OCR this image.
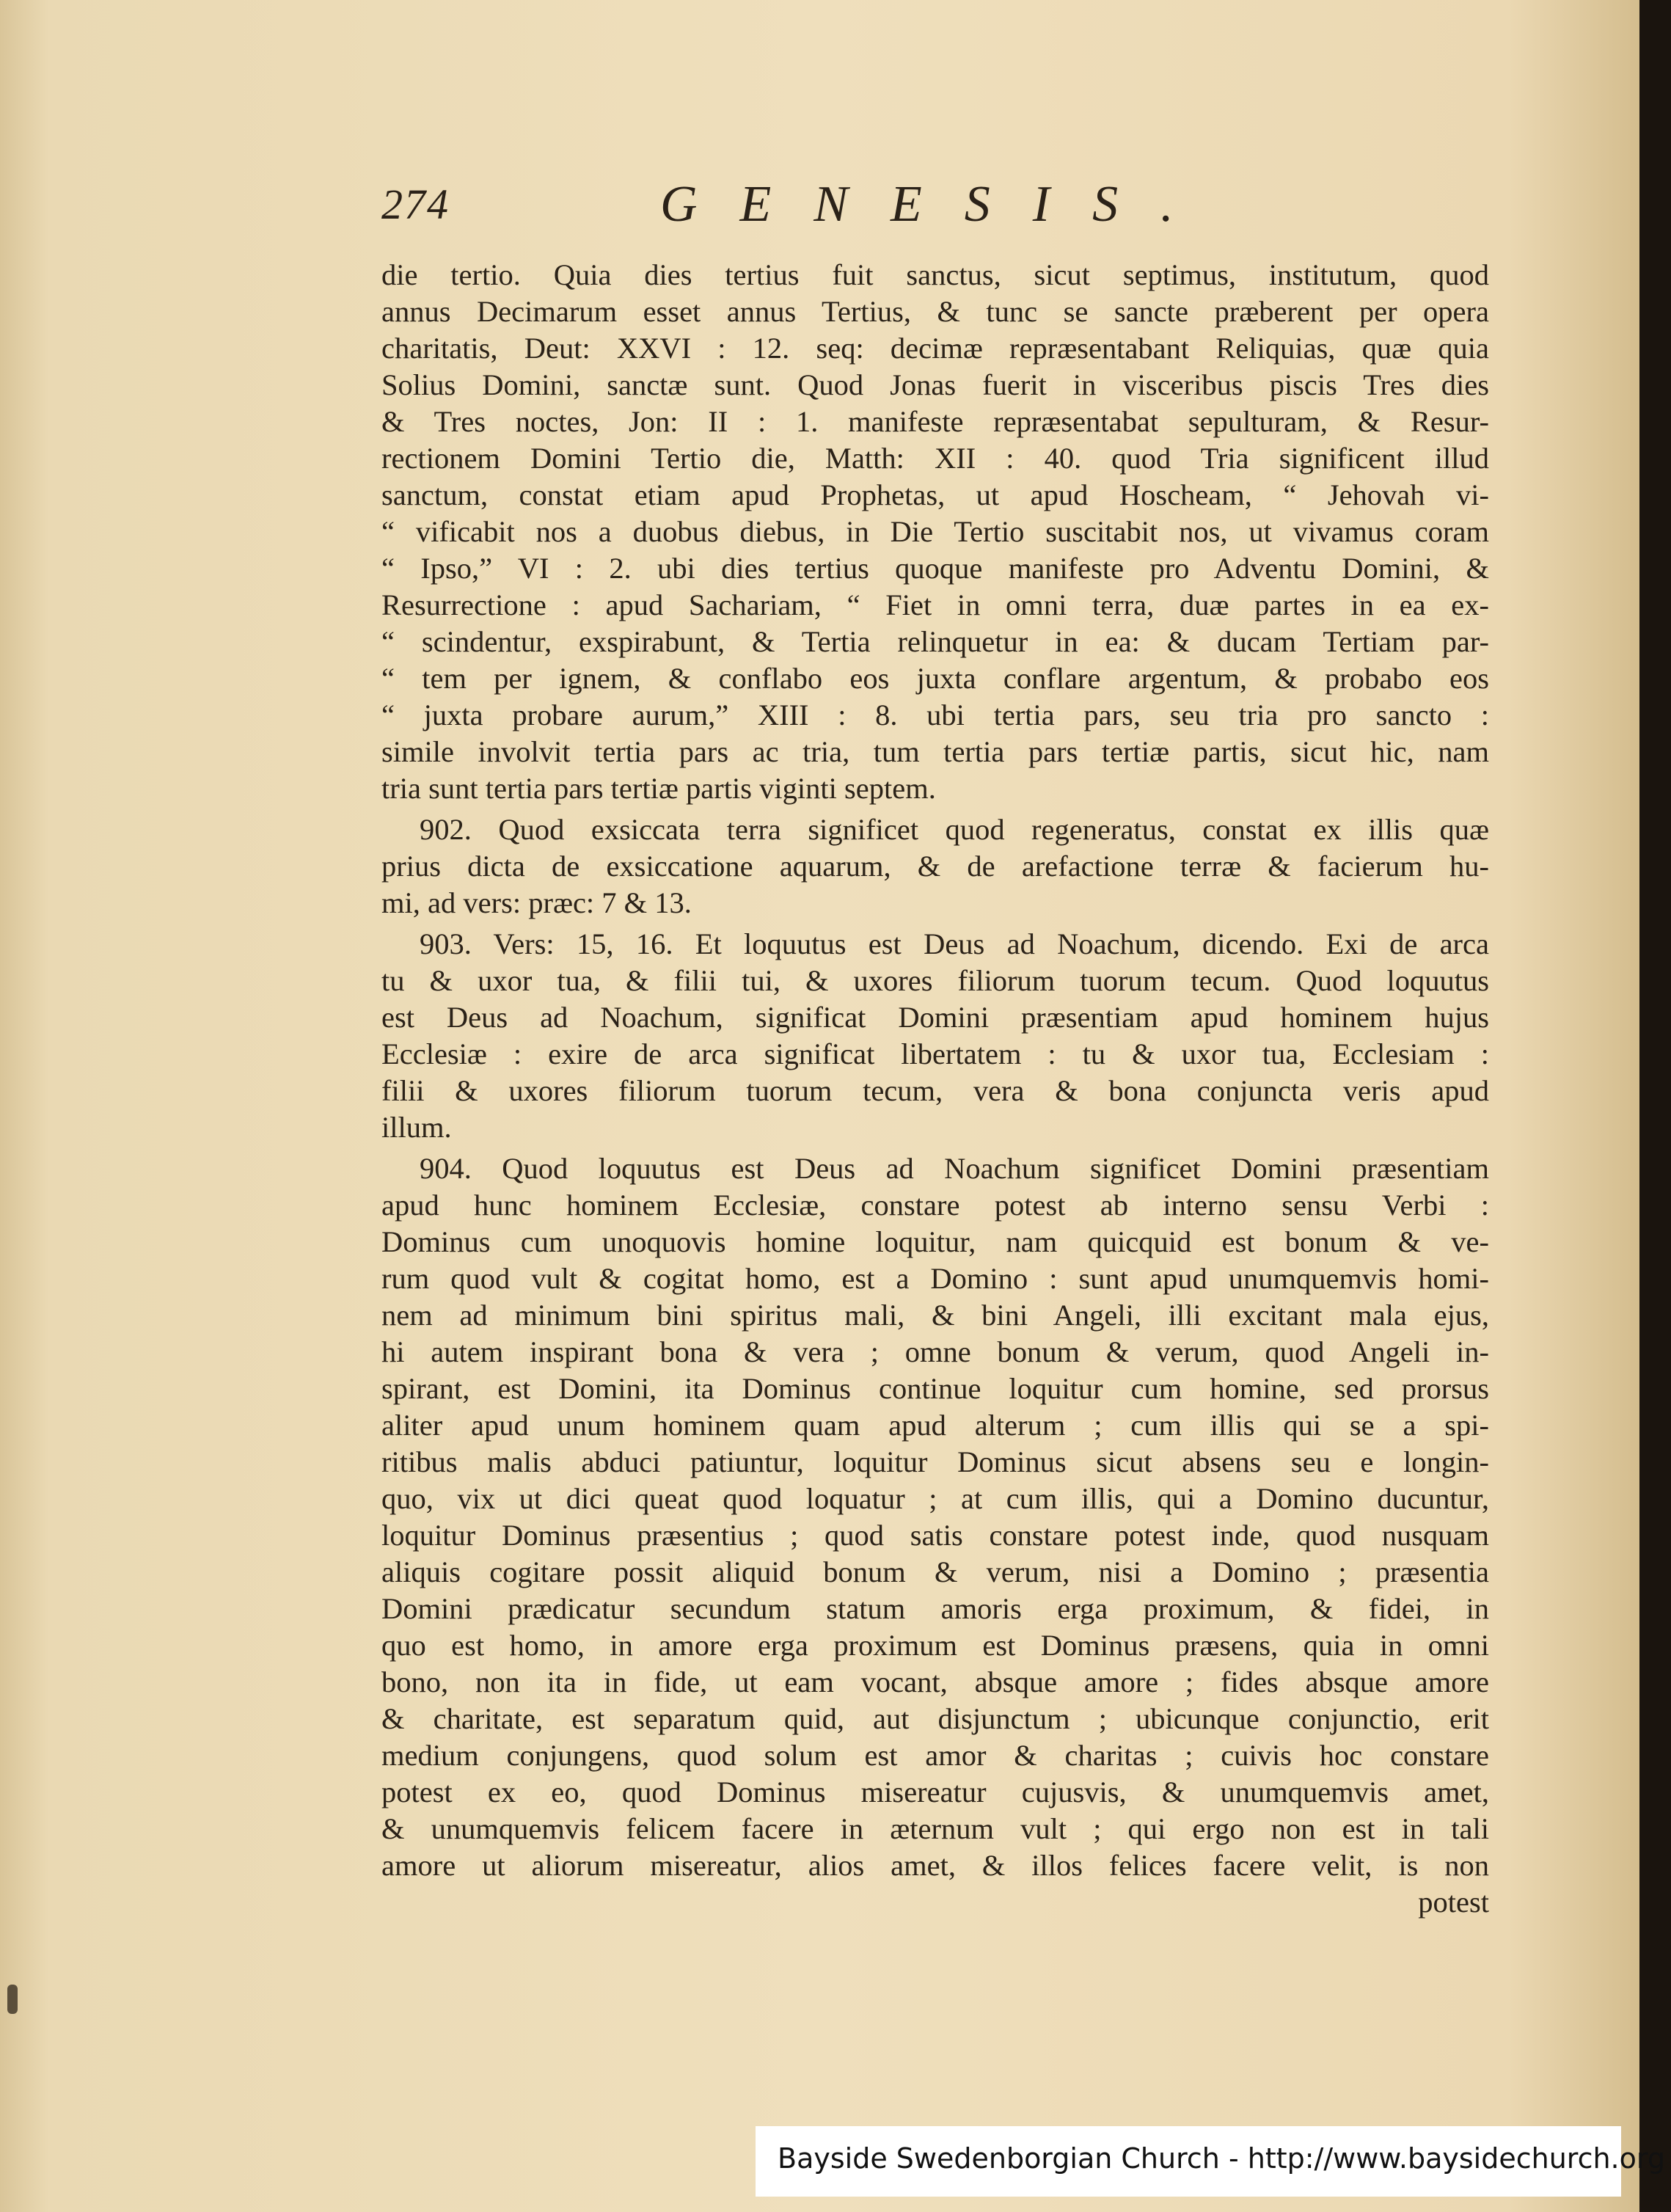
274	GENESIS.
die tertio. Quia dies tertius fuit sanctus, sicut septimus, institutum, quod
annus Decimarum esset annus Tertius, & tunc se sancte præberent per opera
charitatis, Deut: XXVI : 12. seq: decimæ repræsentabant Reliquias, quæ quia
Solius Domini, sanctæ sunt. Quod Jonas fuerit in visceribus piscis Tres dies
& Tres noctes, Jon: II : 1. manifeste repræsentabat sepulturam, & Resur-
rectionem Domini Tertio die, Matth: XII : 40. quod Tria significent illud
sanctum, constat etiam apud Prophetas, ut apud Hoscheam, “ Jehovah vi-
“ vificabit nos a duobus diebus, in Die Tertio suscitabit nos, ut vivamus coram
“ Ipso,” VI : 2. ubi dies tertius quoque manifeste pro Adventu Domini, &
Resurrectione : apud Sachariam, “ Fiet in omni terra, duæ partes in ea ex-
“ scindentur, exspirabunt, & Tertia relinquetur in ea: & ducam Tertiam par-
“ tem per ignem, & conflabo eos juxta conflare argentum, & probabo eos
“ juxta probare aurum,” XIII : 8. ubi tertia pars, seu tria pro sancto :
simile involvit tertia pars ac tria, tum tertia pars tertiæ partis, sicut hic, nam
tria sunt tertia pars tertiæ partis viginti septem.
902. Quod exsiccata terra significet quod regeneratus, constat ex illis quæ
prius dicta de exsiccatione aquarum, & de arefactione terræ & facierum hu-
mi, ad vers: præc: 7 & 13.
903. Vers: 15, 16. Et loquutus est Deus ad Noachum, dicendo. Exi de arca
tu & uxor tua, & filii tui, & uxores filiorum tuorum tecum. Quod loquutus
est Deus ad Noachum, significat Domini præsentiam apud hominem hujus
Ecclesiæ : exire de arca significat libertatem : tu & uxor tua, Ecclesiam :
filii & uxores filiorum tuorum tecum, vera & bona conjuncta veris apud
illum.
904. Quod loquutus est Deus ad Noachum significet Domini præsentiam
apud hunc hominem Ecclesiæ, constare potest ab interno sensu Verbi :
Dominus cum unoquovis homine loquitur, nam quicquid est bonum & ve-
rum quod vult & cogitat homo, est a Domino : sunt apud unumquemvis homi-
nem ad minimum bini spiritus mali, & bini Angeli, illi excitant mala ejus,
hi autem inspirant bona & vera ; omne bonum & verum, quod Angeli in-
spirant, est Domini, ita Dominus continue loquitur cum homine, sed prorsus
aliter apud unum hominem quam apud alterum ; cum illis qui se a spi-
ritibus malis abduci patiuntur, loquitur Dominus sicut absens seu e longin-
quo, vix ut dici queat quod loquatur ; at cum illis, qui a Domino ducuntur,
loquitur Dominus præsentius ; quod satis constare potest inde, quod nusquam
aliquis cogitare possit aliquid bonum & verum, nisi a Domino ; præsentia
Domini prædicatur secundum statum amoris erga proximum, & fidei, in
quo est homo, in amore erga proximum est Dominus præsens, quia in omni
bono, non ita in fide, ut eam vocant, absque amore ; fides absque amore
& charitate, est separatum quid, aut disjunctum ; ubicunque conjunctio, erit
medium conjungens, quod solum est amor & charitas ; cuivis hoc constare
potest ex eo, quod Dominus misereatur cujusvis, & unumquemvis amet,
& unumquemvis felicem facere in æternum vult ; qui ergo non est in tali
amore ut aliorum misereatur, alios amet, & illos felices facere velit, is non
potest
Bayside Swedenborgian Church - http://www.baysidechurch.org
